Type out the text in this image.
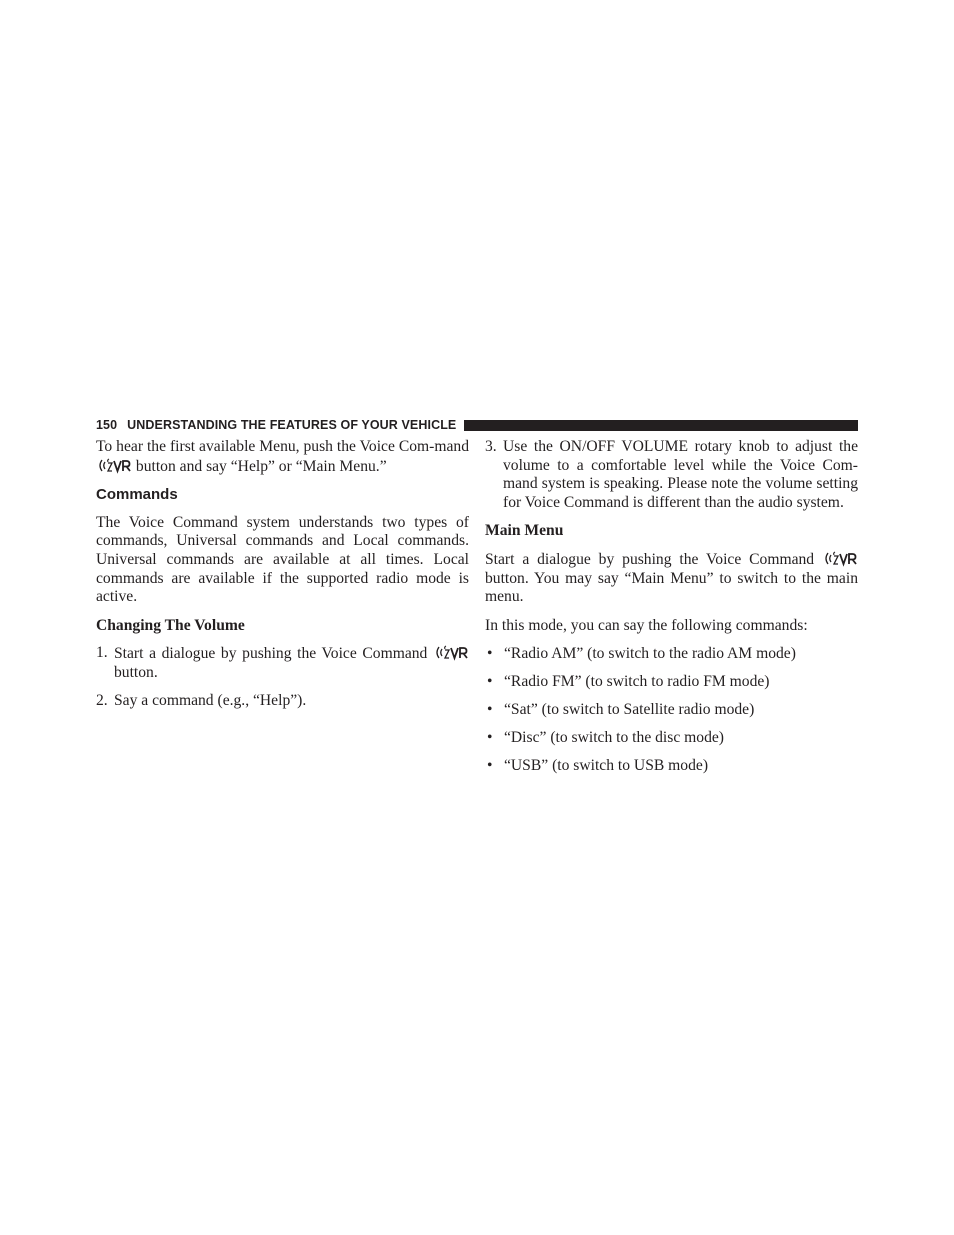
150 UNDERSTANDING THE FEATURES OF YOUR VEHICLE

To hear the first available Menu, push the Voice Com-mand  button and say “Help” or “Main Menu.”

Commands

The Voice Command system understands two types of commands, Universal commands and Local commands. Universal commands are available at all times. Local commands are available if the supported radio mode is active.

Changing The Volume
1. Start a dialogue by pushing the Voice Command  button.
2. Say a command (e.g., “Help”).
3. Use the ON/OFF VOLUME rotary knob to adjust the volume to a comfortable level while the Voice Com-mand system is speaking. Please note the volume setting for Voice Command is different than the audio system.
Main Menu

Start a dialogue by pushing the Voice Command  button. You may say “Main Menu” to switch to the main menu.

In this mode, you can say the following commands:

• “Radio AM” (to switch to the radio AM mode)
• “Radio FM” (to switch to radio FM mode)
• “Sat” (to switch to Satellite radio mode)
• “Disc” (to switch to the disc mode)
• “USB” (to switch to USB mode)
